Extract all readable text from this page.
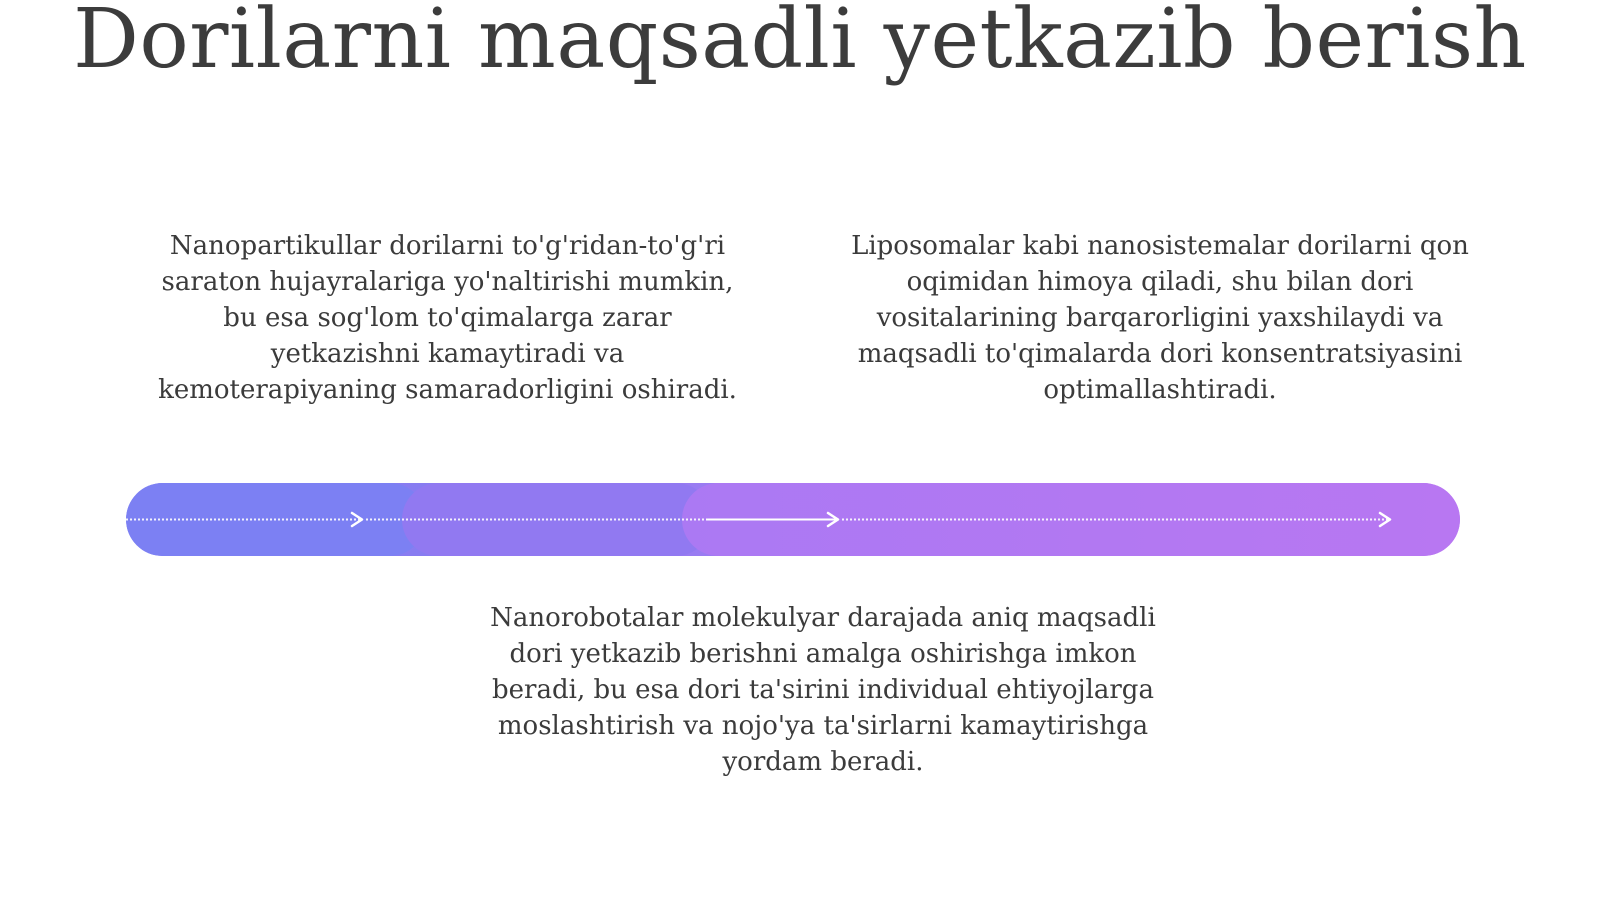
Dorilarni maqsadli yetkazib berish

Nanopartikullar dorilarni to'g'ridan-to'g'ri saraton hujayralariga yo'naltirishi mumkin, bu esa sog'lom to'qimalarga zarar yetkazishni kamaytiradi va kemoterapiyaning samaradorligini oshiradi.

Liposomalar kabi nanosistemalar dorilarni qon oqimidan himoya qiladi, shu bilan dori vositalarining barqarorligini yaxshilaydi va maqsadli to'qimalarda dori konsentratsiyasini optimallashtiradi.

Nanorobotalar molekulyar darajada aniq maqsadli dori yetkazib berishni amalga oshirishga imkon beradi, bu esa dori ta'sirini individual ehtiyojlarga moslashtirish va nojo'ya ta'sirlarni kamaytirishga yordam beradi.
